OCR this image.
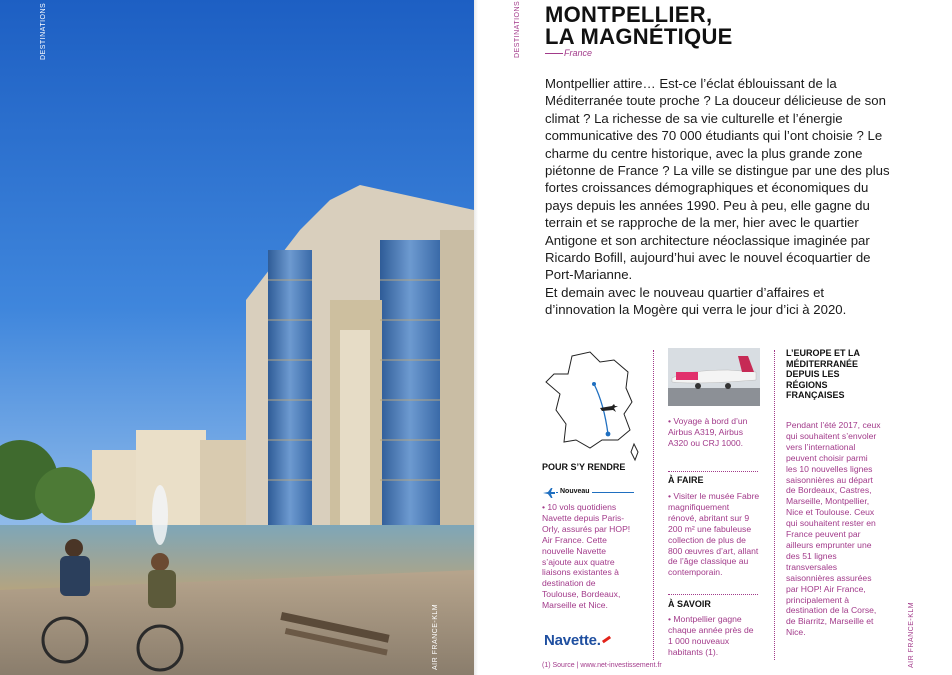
DESTINATIONS
AIR FRANCE-KLM
DESTINATIONS
AIR FRANCE-KLM
MONTPELLIER,
LA MAGNÉTIQUE
France

Montpellier attire… Est-ce l’éclat éblouissant de la Méditerranée toute proche ? La douceur délicieuse de son climat ? La richesse de sa vie culturelle et l’énergie communicative des 70 000 étudiants qui l’ont choisie ? Le charme du centre historique, avec la plus grande zone piétonne de France ? La ville se distingue par une des plus fortes croissances démographiques et économiques du pays depuis les années 1990. Peu à peu, elle gagne du terrain et se rapproche de la mer, hier avec le quartier Antigone et son architecture néoclassique imaginée par Ricardo Bofill, aujourd’hui avec le nouvel écoquartier de Port-Marianne.

Et demain avec le nouveau quartier d’affaires et d’innovation la Mogère qui verra le jour d’ici à 2020.

POUR S’Y RENDRE
Nouveau
• 10 vols quotidiens Navette depuis Paris-Orly, assurés par HOP! Air France. Cette nouvelle Navette s’ajoute aux quatre liaisons existantes à destination de Toulouse, Bordeaux, Marseille et Nice.
Navette.
• Voyage à bord d’un Airbus A319, Airbus A320 ou CRJ 1000.
À FAIRE
• Visiter le musée Fabre magnifiquement rénové, abritant sur 9 200 m² une fabuleuse collection de plus de 800 œuvres d’art, allant de l’âge classique au contemporain.
À SAVOIR
• Montpellier gagne chaque année près de 1 000 nouveaux habitants (1).
L’EUROPE ET LA MÉDITERRANÉE DEPUIS LES RÉGIONS FRANÇAISES
Pendant l’été 2017, ceux qui souhaitent s’envoler vers l’international peuvent choisir parmi les 10 nouvelles lignes saisonnières au départ de Bordeaux, Castres, Marseille, Montpellier, Nice et Toulouse. Ceux qui souhaitent rester en France peuvent par ailleurs emprunter une des 51 lignes transversales saisonnières assurées par HOP! Air France, principalement à destination de la Corse, de Biarritz, Marseille et Nice.
(1) Source | www.net-investissement.fr
